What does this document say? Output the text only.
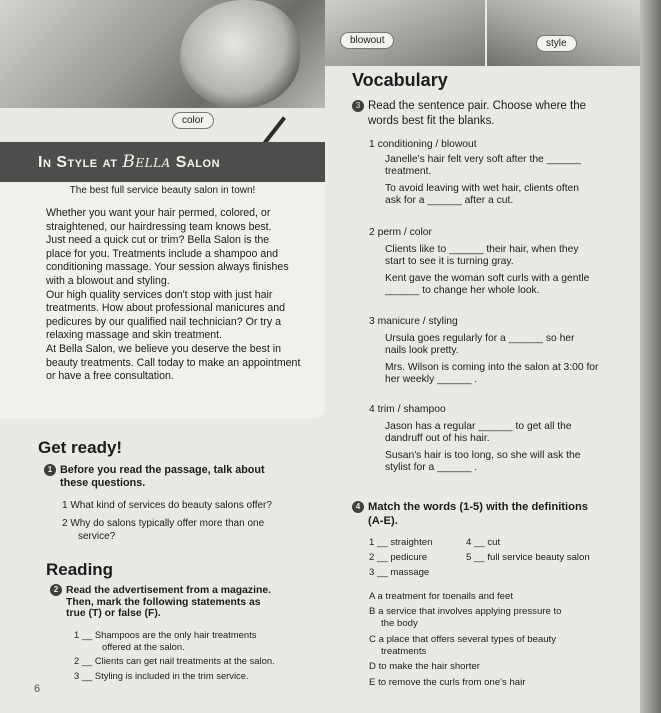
blowout	style
color
In Style at Bella Salon
The best full service beauty salon in town!

Whether you want your hair permed, colored, or

straightened, our hairdressing team knows best.

Just need a quick cut or trim? Bella Salon is the

place for you. Treatments include a shampoo and

conditioning massage. Your session always finishes

with a blowout and styling.

Our high quality services don't stop with just hair

treatments. How about professional manicures and

pedicures by our qualified nail technician? Or try a

relaxing massage and skin treatment.

At Bella Salon, we believe you deserve the best in

beauty treatments. Call today to make an appointment

or have a free consultation.

Get ready!
1 Before you read the passage, talk about
these questions.
1 What kind of services do beauty salons offer?
2 Why do salons typically offer more than one
service?
Reading
2 Read the advertisement from a magazine.
Then, mark the following statements as
true (T) or false (F).
1 __ Shampoos are the only hair treatments
offered at the salon.
2 __ Clients can get nail treatments at the salon.
3 __ Styling is included in the trim service.
6
Vocabulary
3 Read the sentence pair. Choose where the
words best fit the blanks.
1 conditioning / blowout
Janelle's hair felt very soft after the ______
treatment.
To avoid leaving with wet hair, clients often
ask for a ______ after a cut.
2 perm / color
Clients like to ______ their hair, when they
start to see it is turning gray.
Kent gave the woman soft curls with a gentle
______ to change her whole look.
3 manicure / styling
Ursula goes regularly for a ______ so her
nails look pretty.
Mrs. Wilson is coming into the salon at 3:00 for
her weekly ______ .
4 trim / shampoo
Jason has a regular ______ to get all the
dandruff out of his hair.
Susan's hair is too long, so she will ask the
stylist for a ______ .
4 Match the words (1-5) with the definitions
(A-E).
1 __ straighten	4 __ cut
2 __ pedicure	5 __ full service beauty salon
3 __ massage
A a treatment for toenails and feet
B a service that involves applying pressure to
the body
C a place that offers several types of beauty
treatments
D to make the hair shorter
E to remove the curls from one's hair
